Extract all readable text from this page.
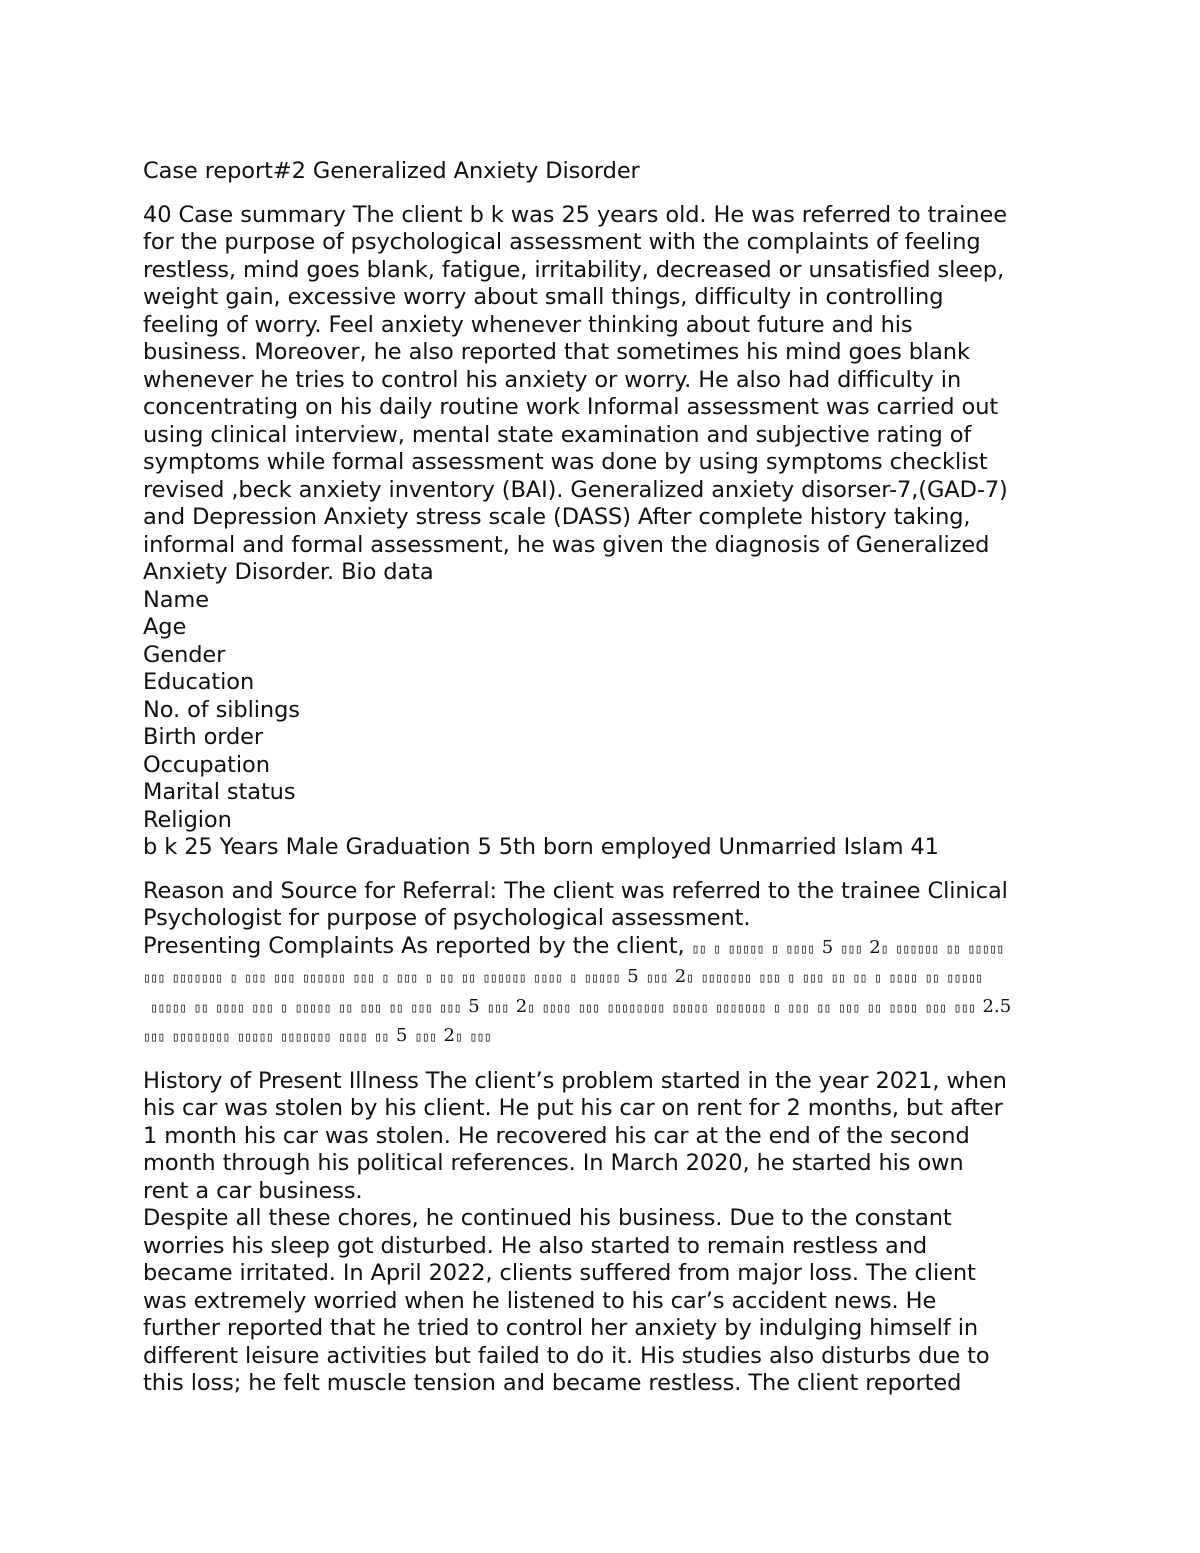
Case report#2 Generalized Anxiety Disorder
40 Case summary The client b k was 25 years old. He was referred to trainee
for the purpose of psychological assessment with the complaints of feeling
restless, mind goes blank, fatigue, irritability, decreased or unsatisfied sleep,
weight gain, excessive worry about small things, difficulty in controlling
feeling of worry. Feel anxiety whenever thinking about future and his
business. Moreover, he also reported that sometimes his mind goes blank
whenever he tries to control his anxiety or worry. He also had difficulty in
concentrating on his daily routine work Informal assessment was carried out
using clinical interview, mental state examination and subjective rating of
symptoms while formal assessment was done by using symptoms checklist
revised ,beck anxiety inventory (BAI). Generalized anxiety disorser-7,(GAD-7)
and Depression Anxiety stress scale (DASS) After complete history taking,
informal and formal assessment, he was given the diagnosis of Generalized
Anxiety Disorder. Bio data
Name
Age
Gender
Education
No. of siblings
Birth order
Occupation
Marital status
Religion
b k 25 Years Male Graduation 5 5th born employed Unmarried Islam 41
Reason and Source for Referral: The client was referred to the trainee Clinical
Psychologist for purpose of psychological assessment.
Presenting Complaints As reported by the client, ▯▯ ▯ ▯▯▯▯▯ ▯ ▯▯▯▯ 5 ▯▯▯ 2▯ ▯▯▯▯▯▯ ▯▯ ▯▯▯▯▯
▯▯▯ ▯▯▯▯▯▯▯ ▯ ▯▯▯ ▯▯▯ ▯▯▯▯▯▯ ▯▯▯ ▯ ▯▯▯ ▯ ▯▯ ▯▯ ▯▯▯▯▯▯ ▯▯▯▯ ▯ ▯▯▯▯▯ 5 ▯▯▯ 2▯ ▯▯▯▯▯▯▯ ▯▯▯ ▯ ▯▯▯ ▯▯ ▯▯ ▯ ▯▯▯▯ ▯▯ ▯▯▯▯▯
▯▯▯▯▯ ▯▯ ▯▯▯▯ ▯▯▯ ▯ ▯▯▯▯▯ ▯▯ ▯▯▯ ▯▯ ▯▯▯ ▯▯▯ 5 ▯▯▯ 2▯ ▯▯▯▯ ▯▯▯ ▯▯▯▯▯▯▯▯ ▯▯▯▯▯ ▯▯▯▯▯▯▯ ▯ ▯▯▯ ▯▯ ▯▯▯ ▯▯ ▯▯▯▯ ▯▯▯ ▯▯▯ 2.5
▯▯▯ ▯▯▯▯▯▯▯▯ ▯▯▯▯▯ ▯▯▯▯▯▯▯ ▯▯▯▯ ▯▯ 5 ▯▯▯ 2▯ ▯▯▯
History of Present Illness The client’s problem started in the year 2021, when
his car was stolen by his client. He put his car on rent for 2 months, but after
1 month his car was stolen. He recovered his car at the end of the second
month through his political references. In March 2020, he started his own
rent a car business.
Despite all these chores, he continued his business. Due to the constant
worries his sleep got disturbed. He also started to remain restless and
became irritated. In April 2022, clients suffered from major loss. The client
was extremely worried when he listened to his car’s accident news. He
further reported that he tried to control her anxiety by indulging himself in
different leisure activities but failed to do it. His studies also disturbs due to
this loss; he felt muscle tension and became restless. The client reported
